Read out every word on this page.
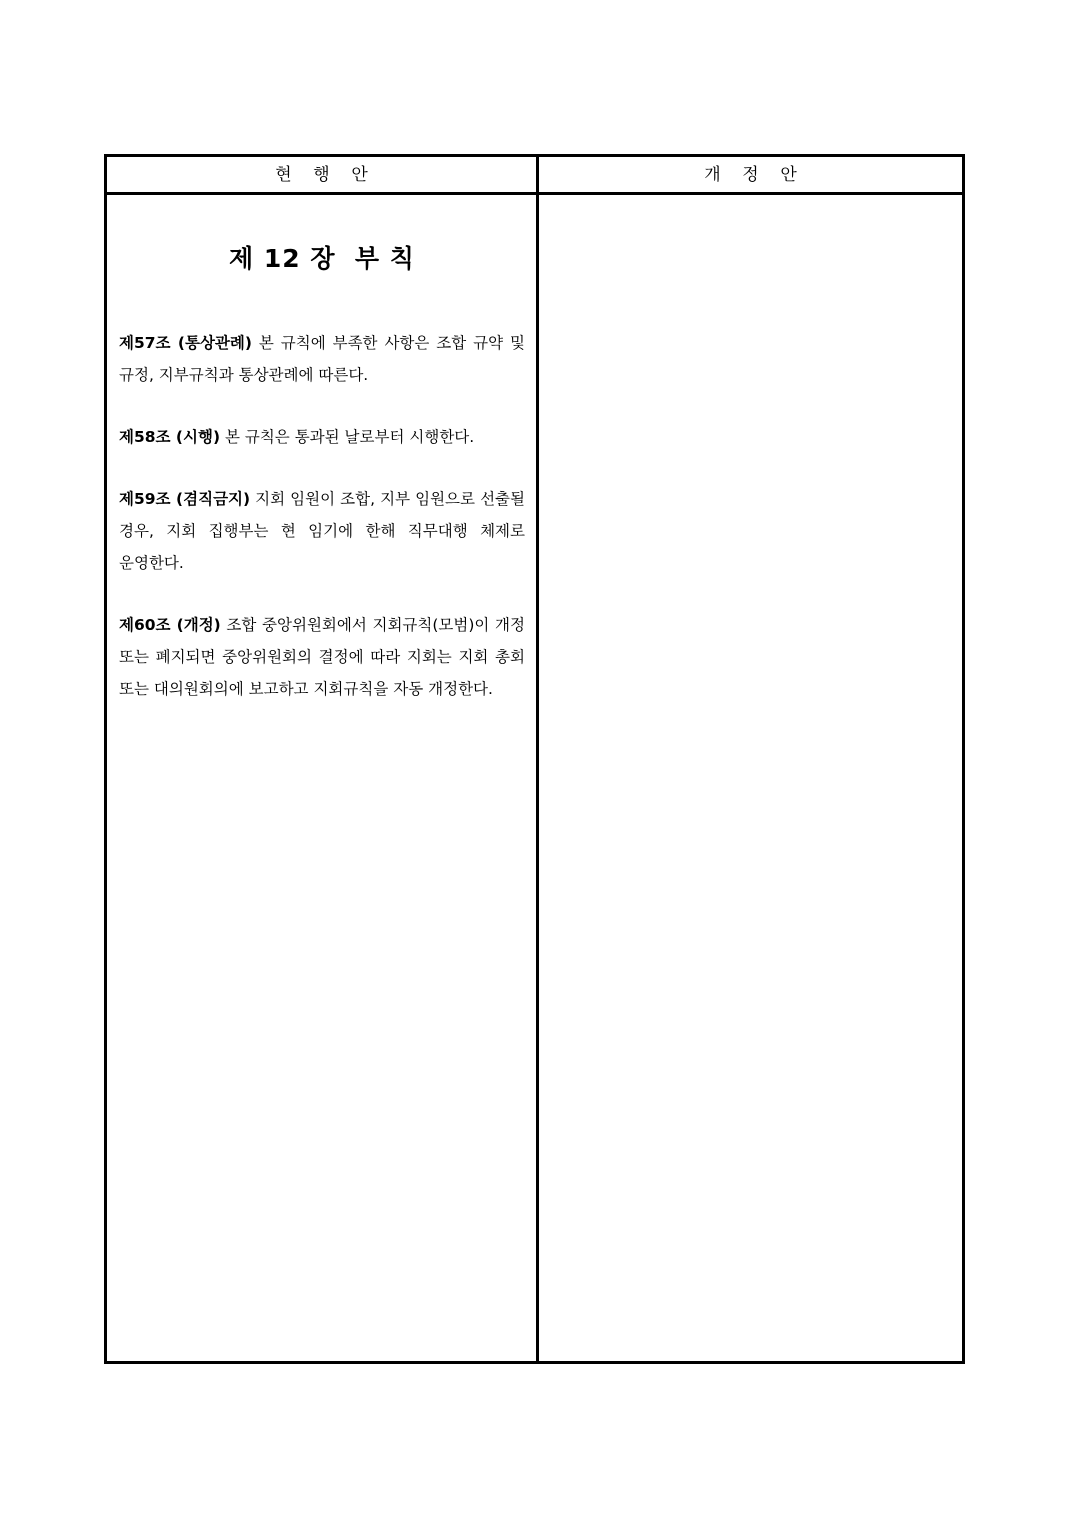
현    행    안	개    정    안
제 12 장  부 칙

제57조 (통상관례) 본 규칙에 부족한 사항은 조합 규약 및 규정, 지부규칙과 통상관례에 따른다.

제58조 (시행) 본 규칙은 통과된 날로부터 시행한다.

제59조 (겸직금지) 지회 임원이 조합, 지부 임원으로 선출될 경우, 지회 집행부는 현 임기에 한해 직무대행 체제로 운영한다.

제60조 (개정) 조합 중앙위원회에서 지회규칙(모범)이 개정 또는 폐지되면 중앙위원회의 결정에 따라 지회는 지회 총회 또는 대의원회의에 보고하고 지회규칙을 자동 개정한다.
